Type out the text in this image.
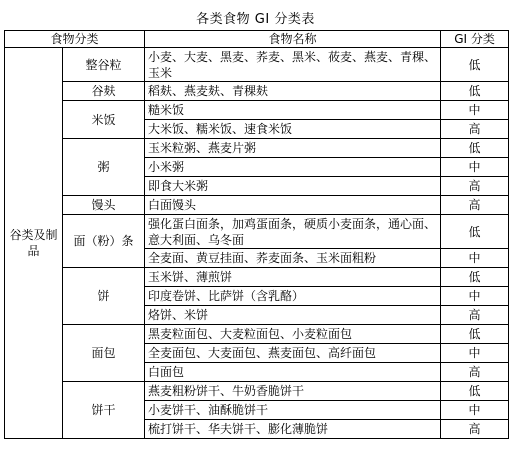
各类食物 GI 分类表
食物分类		食物名称	GI 分类
谷类及制品	整谷粒	小麦、大麦、黑麦、荞麦、黑米、莜麦、燕麦、青稞、玉米	低
	谷麸	稻麸、燕麦麸、青稞麸	低
	米饭	糙米饭	中
		大米饭、糯米饭、速食米饭	高
	粥	玉米粒粥、燕麦片粥	低
		小米粥	中
		即食大米粥	高
	馒头	白面馒头	高
	面（粉）条	强化蛋白面条，加鸡蛋面条，硬质小麦面条，通心面、意大利面、乌冬面	低
		全麦面、黄豆挂面、荞麦面条、玉米面粗粉	中
	饼	玉米饼、薄煎饼	低
		印度卷饼、比萨饼（含乳酪）	中
		烙饼、米饼	高
	面包	黑麦粒面包、大麦粒面包、小麦粒面包	低
		全麦面包、大麦面包、燕麦面包、高纤面包	中
		白面包	高
	饼干	燕麦粗粉饼干、牛奶香脆饼干	低
		小麦饼干、油酥脆饼干	中
		梳打饼干、华夫饼干、膨化薄脆饼	高
